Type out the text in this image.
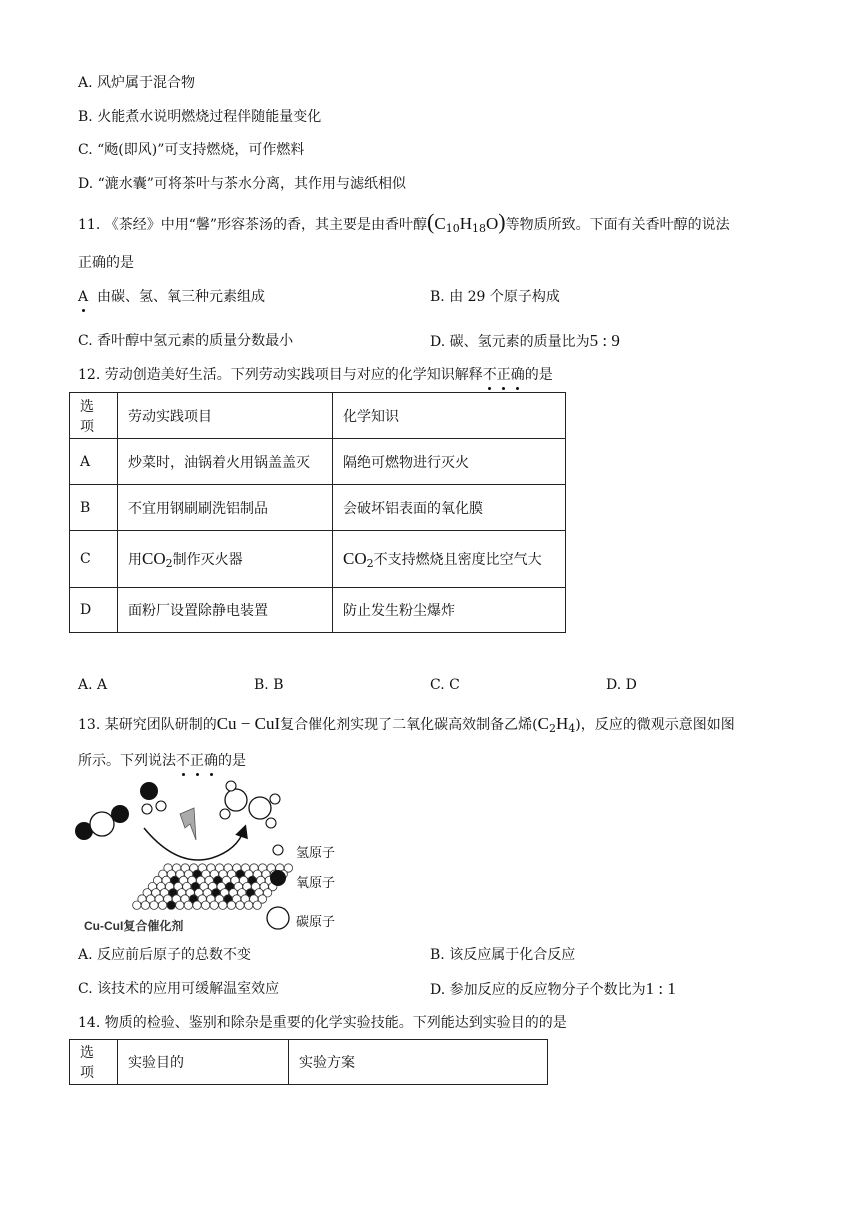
A. 风炉属于混合物
B. 火能煮水说明燃烧过程伴随能量变化
C. “飏(即风)”可支持燃烧，可作燃料
D. “漉水囊”可将茶叶与茶水分离，其作用与滤纸相似
11. 《茶经》中用“馨”形容茶汤的香，其主要是由香叶醇$(C_{10}H_{18}O)$等物质所致。下面有关香叶醇的说法
正确的是
A 由碳、氢、氧三种元素组成	B. 由 29 个原子构成
C. 香叶醇中氢元素的质量分数最小	D. 碳、氢元素的质量比为5 : 9
12. 劳动创造美好生活。下列劳动实践项目与对应的化学知识解释不正确的是
选项	劳动实践项目	化学知识
A	炒菜时，油锅着火用锅盖盖灭	隔绝可燃物进行灭火
B	不宜用钢刷刷洗铝制品	会破坏铝表面的氧化膜
C	用$CO_2$制作灭火器	$CO_2$不支持燃烧且密度比空气大
D	面粉厂设置除静电装置	防止发生粉尘爆炸
A. A	B. B	C. C	D. D
13. 某研究团队研制的Cu − CuI复合催化剂实现了二氧化碳高效制备乙烯$(C_2H_4)$，反应的微观示意图如图
所示。下列说法不正确的是
氢原子
氧原子
碳原子
Cu-CuI复合催化剂
A. 反应前后原子的总数不变	B. 该反应属于化合反应
C. 该技术的应用可缓解温室效应	D. 参加反应的反应物分子个数比为1 : 1
14. 物质的检验、鉴别和除杂是重要的化学实验技能。下列能达到实验目的的是
选项	实验目的	实验方案
